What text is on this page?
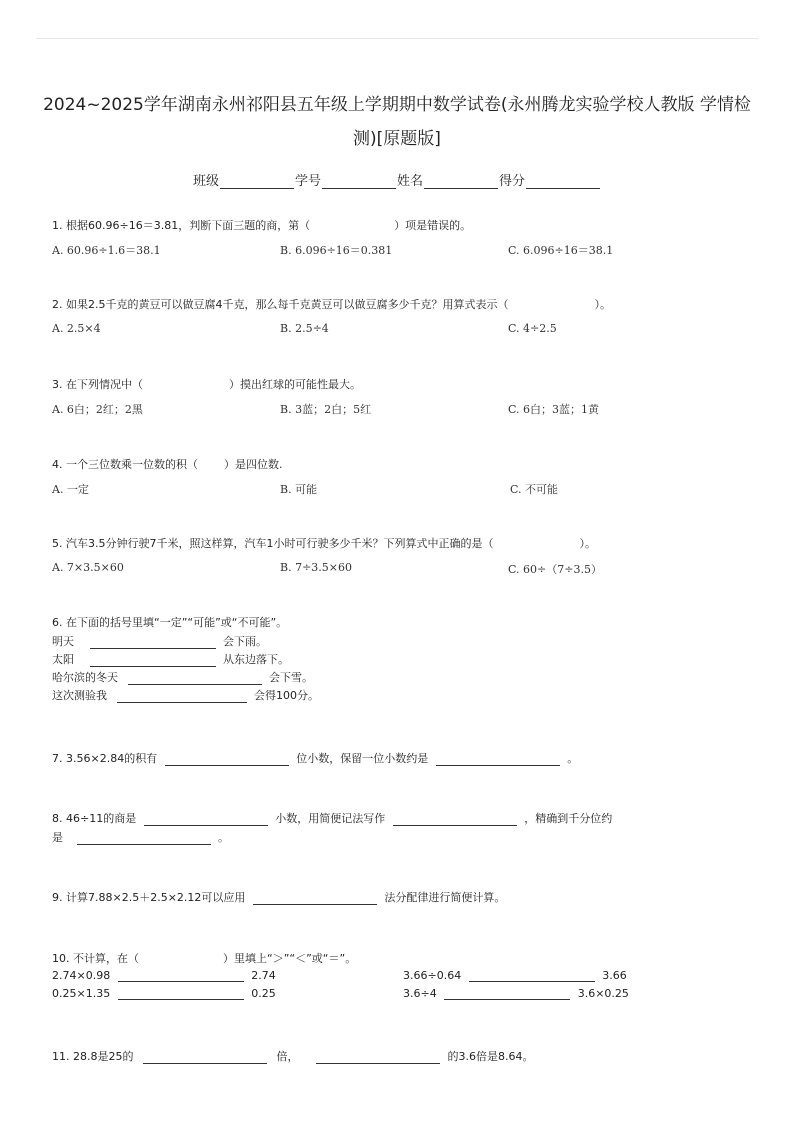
2024~2025学年湖南永州祁阳县五年级上学期期中数学试卷(永州腾龙实验学校人教版 学情检
测)[原题版]
班级	学号	姓名	得分
1. 根据60.96÷16＝3.81，判断下面三题的商，第（	）项是错误的。
A. 60.96÷1.6＝38.1	B. 6.096÷16＝0.381	C. 6.096÷16＝38.1
2. 如果2.5千克的黄豆可以做豆腐4千克，那么每千克黄豆可以做豆腐多少千克？用算式表示（	）。
A. 2.5×4	B. 2.5÷4	C. 4÷2.5
3. 在下列情况中（	）摸出红球的可能性最大。
A. 6白；2红；2黑	B. 3蓝；2白；5红	C. 6白；3蓝；1黄
4. 一个三位数乘一位数的积（ ）是四位数.
A. 一定	B. 可能	C. 不可能
5. 汽车3.5分钟行驶7千米，照这样算，汽车1小时可行驶多少千米？下列算式中正确的是（	）。
A. 7×3.5×60	B. 7÷3.5×60	C. 60÷（7÷3.5）
6. 在下面的括号里填“一定”“可能”或“不可能”。
明天	会下雨。
太阳	从东边落下。
哈尔滨的冬天	会下雪。
这次测验我	会得100分。
7. 3.56×2.84的积有	位小数，保留一位小数约是	。
8. 46÷11的商是	小数，用简便记法写作	，精确到千分位约
是	。
9. 计算7.88×2.5＋2.5×2.12可以应用	法分配律进行简便计算。
10. 不计算，在（	）里填上“＞”“＜”或“＝”。
2.74×0.98	2.74	3.66÷0.64	3.66
0.25×1.35	0.25	3.6÷4	3.6×0.25
11. 28.8是25的	倍，	的3.6倍是8.64。
